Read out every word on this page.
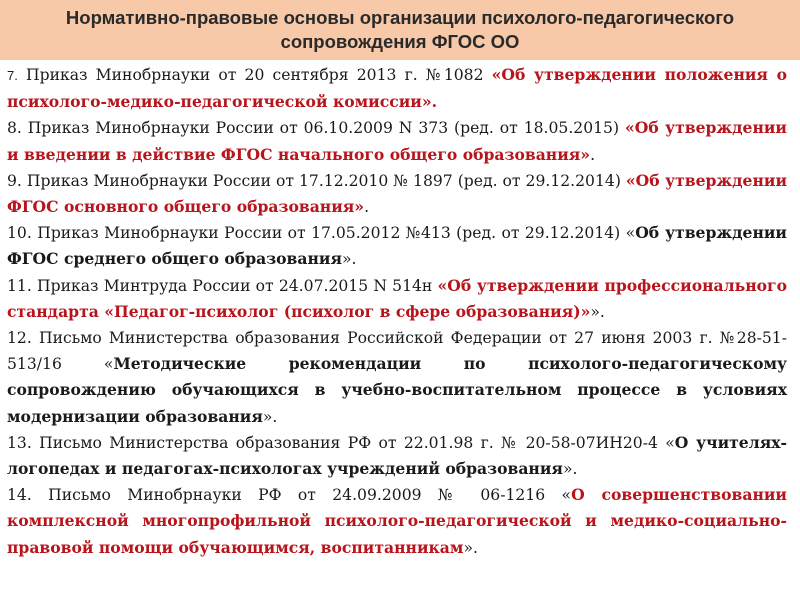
Нормативно-правовые основы организации психолого-педагогического
сопровождения ФГОС ОО

7. Приказ Минобрнауки от 20 сентября 2013 г. №1082 «Об утверждении положения о психолого-медико-педагогической комиссии».

8. Приказ Минобрнауки России от 06.10.2009 N 373 (ред. от 18.05.2015) «Об утверждении и введении в действие ФГОС начального общего образования».

9. Приказ Минобрнауки России от 17.12.2010 № 1897 (ред. от 29.12.2014) «Об утверждении ФГОС основного общего образования».

10. Приказ Минобрнауки России от 17.05.2012 №413 (ред. от 29.12.2014) «Об утверждении ФГОС среднего общего образования».

11. Приказ Минтруда России от 24.07.2015 N 514н «Об утверждении профессионального стандарта «Педагог-психолог (психолог в сфере образования)»».

12. Письмо Министерства образования Российской Федерации от 27 июня 2003 г. №28-51-513/16 «Методические рекомендации по психолого-педагогическому сопровождению обучающихся в учебно-воспитательном процессе в условиях модернизации образования».

13. Письмо Министерства образования РФ от 22.01.98 г. № 20-58-07ИН20-4 «О учителях-логопедах и педагогах-психологах учреждений образования».

14. Письмо Минобрнауки РФ от 24.09.2009 № 06-1216 «О совершенствовании комплексной многопрофильной психолого-педагогической и медико-социально-правовой помощи обучающимся, воспитанникам».
